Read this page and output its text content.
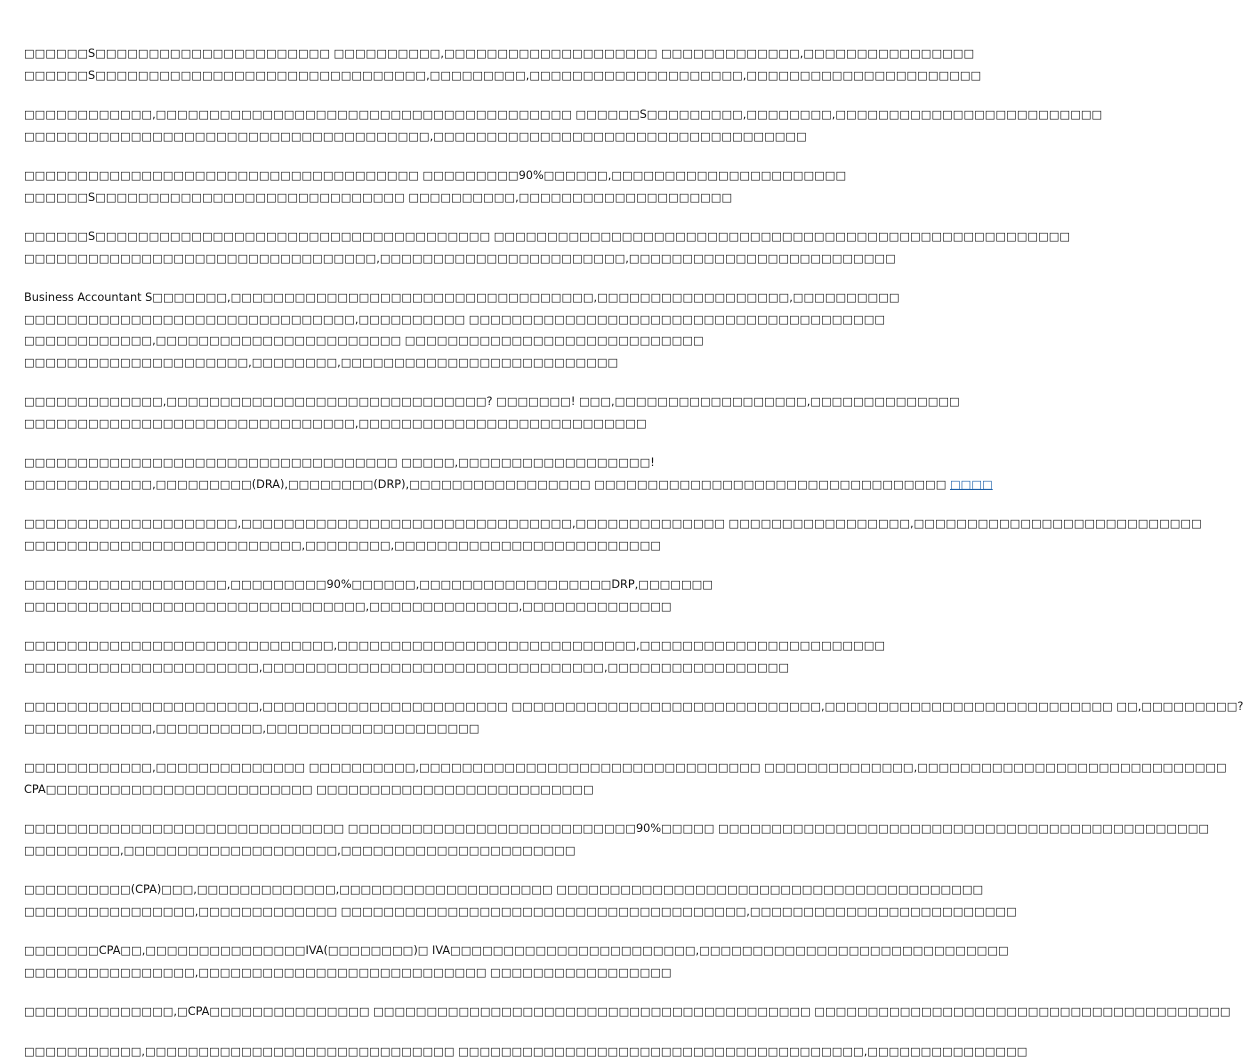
□□□□□□S□□□□□□□□□□□□□□□□□□□□□□ □□□□□□□□□□,□□□□□□□□□□□□□□□□□□□□ □□□□□□□□□□□□□,□□□□□□□□□□□□□□□□
□□□□□□S□□□□□□□□□□□□□□□□□□□□□□□□□□□□□□□,□□□□□□□□□,□□□□□□□□□□□□□□□□□□□□,□□□□□□□□□□□□□□□□□□□□□□

□□□□□□□□□□□□,□□□□□□□□□□□□□□□□□□□□□□□□□□□□□□□□□□□□□□□ □□□□□□S□□□□□□□□□,□□□□□□□□,□□□□□□□□□□□□□□□□□□□□□□□□□
□□□□□□□□□□□□□□□□□□□□□□□□□□□□□□□□□□□□□□,□□□□□□□□□□□□□□□□□□□□□□□□□□□□□□□□□□□

□□□□□□□□□□□□□□□□□□□□□□□□□□□□□□□□□□□□□ □□□□□□□□□90%□□□□□□,□□□□□□□□□□□□□□□□□□□□□□
□□□□□□S□□□□□□□□□□□□□□□□□□□□□□□□□□□□□ □□□□□□□□□□,□□□□□□□□□□□□□□□□□□□□

□□□□□□S□□□□□□□□□□□□□□□□□□□□□□□□□□□□□□□□□□□□□ □□□□□□□□□□□□□□□□□□□□□□□□□□□□□□□□□□□□□□□□□□□□□□□□□□□□□□
□□□□□□□□□□□□□□□□□□□□□□□□□□□□□□□□□,□□□□□□□□□□□□□□□□□□□□□□□,□□□□□□□□□□□□□□□□□□□□□□□□□

Business Accountant S□□□□□□□,□□□□□□□□□□□□□□□□□□□□□□□□□□□□□□□□□□,□□□□□□□□□□□□□□□□□□,□□□□□□□□□□
□□□□□□□□□□□□□□□□□□□□□□□□□□□□□□□,□□□□□□□□□□ □□□□□□□□□□□□□□□□□□□□□□□□□□□□□□□□□□□□□□□
□□□□□□□□□□□□,□□□□□□□□□□□□□□□□□□□□□□□ □□□□□□□□□□□□□□□□□□□□□□□□□□□□
□□□□□□□□□□□□□□□□□□□□□,□□□□□□□□,□□□□□□□□□□□□□□□□□□□□□□□□□□

□□□□□□□□□□□□□,□□□□□□□□□□□□□□□□□□□□□□□□□□□□□□? □□□□□□□! □□□,□□□□□□□□□□□□□□□□□□,□□□□□□□□□□□□□□
□□□□□□□□□□□□□□□□□□□□□□□□□□□□□□□,□□□□□□□□□□□□□□□□□□□□□□□□□□□

□□□□□□□□□□□□□□□□□□□□□□□□□□□□□□□□□□□ □□□□□,□□□□□□□□□□□□□□□□□□!
□□□□□□□□□□□□,□□□□□□□□□(DRA),□□□□□□□□(DRP),□□□□□□□□□□□□□□□□□ □□□□□□□□□□□□□□□□□□□□□□□□□□□□□□□□□ □□□□

□□□□□□□□□□□□□□□□□□□□,□□□□□□□□□□□□□□□□□□□□□□□□□□□□□□□,□□□□□□□□□□□□□□ □□□□□□□□□□□□□□□□□,□□□□□□□□□□□□□□□□□□□□□□□□□□□
□□□□□□□□□□□□□□□□□□□□□□□□□□,□□□□□□□□,□□□□□□□□□□□□□□□□□□□□□□□□□

□□□□□□□□□□□□□□□□□□□,□□□□□□□□□90%□□□□□□,□□□□□□□□□□□□□□□□□□DRP,□□□□□□□
□□□□□□□□□□□□□□□□□□□□□□□□□□□□□□□□,□□□□□□□□□□□□□□,□□□□□□□□□□□□□□

□□□□□□□□□□□□□□□□□□□□□□□□□□□□□,□□□□□□□□□□□□□□□□□□□□□□□□□□□□,□□□□□□□□□□□□□□□□□□□□□□□
□□□□□□□□□□□□□□□□□□□□□□,□□□□□□□□□□□□□□□□□□□□□□□□□□□□□□□□,□□□□□□□□□□□□□□□□□

□□□□□□□□□□□□□□□□□□□□□□,□□□□□□□□□□□□□□□□□□□□□□□ □□□□□□□□□□□□□□□□□□□□□□□□□□□□□,□□□□□□□□□□□□□□□□□□□□□□□□□□□ □□,□□□□□□□□□?
□□□□□□□□□□□□,□□□□□□□□□□,□□□□□□□□□□□□□□□□□□□□

□□□□□□□□□□□□,□□□□□□□□□□□□□□ □□□□□□□□□□,□□□□□□□□□□□□□□□□□□□□□□□□□□□□□□□□ □□□□□□□□□□□□□□,□□□□□□□□□□□□□□□□□□□□□□□□□□□□□
CPA□□□□□□□□□□□□□□□□□□□□□□□□□ □□□□□□□□□□□□□□□□□□□□□□□□□□

□□□□□□□□□□□□□□□□□□□□□□□□□□□□□□ □□□□□□□□□□□□□□□□□□□□□□□□□□□90%□□□□□ □□□□□□□□□□□□□□□□□□□□□□□□□□□□□□□□□□□□□□□□□□□□□□
□□□□□□□□□,□□□□□□□□□□□□□□□□□□□□,□□□□□□□□□□□□□□□□□□□□□□

□□□□□□□□□□(CPA)□□□,□□□□□□□□□□□□□,□□□□□□□□□□□□□□□□□□□□ □□□□□□□□□□□□□□□□□□□□□□□□□□□□□□□□□□□□□□□□
□□□□□□□□□□□□□□□□,□□□□□□□□□□□□□ □□□□□□□□□□□□□□□□□□□□□□□□□□□□□□□□□□□□□□,□□□□□□□□□□□□□□□□□□□□□□□□□

□□□□□□□CPA□□,□□□□□□□□□□□□□□□IVA(□□□□□□□□)□ IVA□□□□□□□□□□□□□□□□□□□□□□□,□□□□□□□□□□□□□□□□□□□□□□□□□□□□□
□□□□□□□□□□□□□□□□,□□□□□□□□□□□□□□□□□□□□□□□□□□□ □□□□□□□□□□□□□□□□□

□□□□□□□□□□□□□□,□CPA□□□□□□□□□□□□□□□ □□□□□□□□□□□□□□□□□□□□□□□□□□□□□□□□□□□□□□□□□ □□□□□□□□□□□□□□□□□□□□□□□□□□□□□□□□□□□□□□□

□□□□□□□□□□□,□□□□□□□□□□□□□□□□□□□□□□□□□□□□□ □□□□□□□□□□□□□□□□□□□□□□□□□□□□□□□□□□□□□□,□□□□□□□□□□□□□□□
